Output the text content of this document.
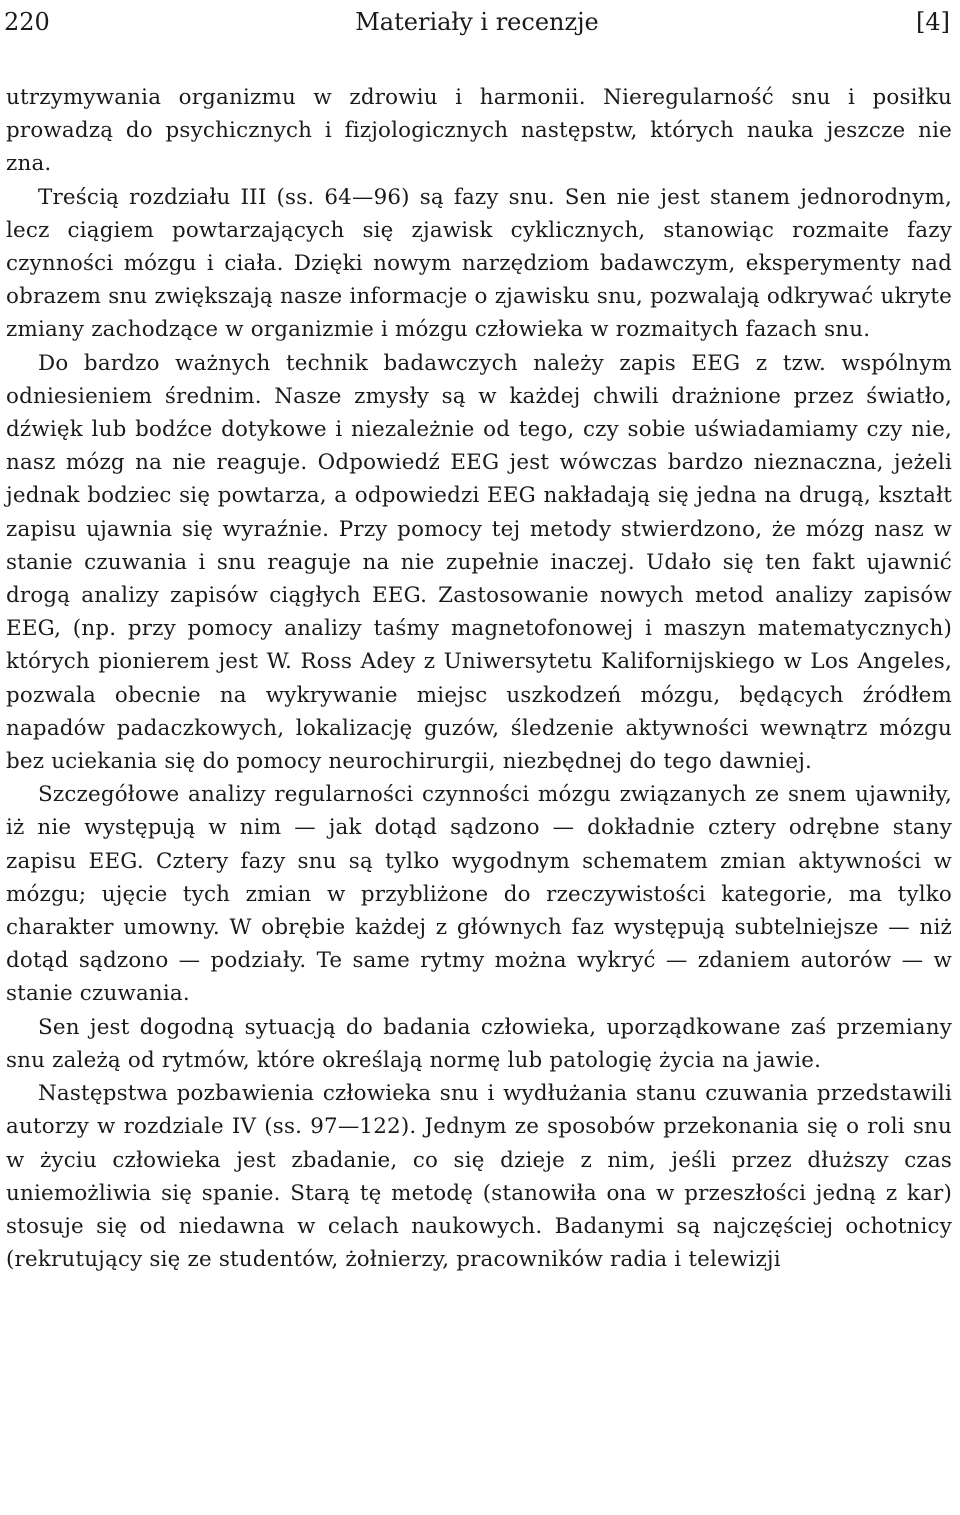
220	Materiały i recenzje	[4]

utrzymywania organizmu w zdrowiu i harmonii. Nieregularność snu i posiłku prowadzą do psychicznych i fizjologicznych następstw, których nauka jeszcze nie zna.

Treścią rozdziału III (ss. 64—96) są fazy snu. Sen nie jest stanem jednorodnym, lecz ciągiem powtarzających się zjawisk cyklicznych, stanowiąc rozmaite fazy czynności mózgu i ciała. Dzięki nowym narzędziom badawczym, eksperymenty nad obrazem snu zwiększają nasze informacje o zjawisku snu, pozwalają odkrywać ukryte zmiany zachodzące w organizmie i mózgu człowieka w rozmaitych fazach snu.

Do bardzo ważnych technik badawczych należy zapis EEG z tzw. wspólnym odniesieniem średnim. Nasze zmysły są w każdej chwili drażnione przez światło, dźwięk lub bodźce dotykowe i niezależnie od tego, czy sobie uświadamiamy czy nie, nasz mózg na nie reaguje. Odpowiedź EEG jest wówczas bardzo nieznaczna, jeżeli jednak bodziec się powtarza, a odpowiedzi EEG nakładają się jedna na drugą, kształt zapisu ujawnia się wyraźnie. Przy pomocy tej metody stwierdzono, że mózg nasz w stanie czuwania i snu reaguje na nie zupełnie inaczej. Udało się ten fakt ujawnić drogą analizy zapisów ciągłych EEG. Zastosowanie nowych metod analizy zapisów EEG, (np. przy pomocy analizy taśmy magnetofonowej i maszyn matematycznych) których pionierem jest W. Ross Adey z Uniwersytetu Kalifornijskiego w Los Angeles, pozwala obecnie na wykrywanie miejsc uszkodzeń mózgu, będących źródłem napadów padaczkowych, lokalizację guzów, śledzenie aktywności wewnątrz mózgu bez uciekania się do pomocy neurochirurgii, niezbędnej do tego dawniej.

Szczegółowe analizy regularności czynności mózgu związanych ze snem ujawniły, iż nie występują w nim — jak dotąd sądzono — dokładnie cztery odrębne stany zapisu EEG. Cztery fazy snu są tylko wygodnym schematem zmian aktywności w mózgu; ujęcie tych zmian w przybliżone do rzeczywistości kategorie, ma tylko charakter umowny. W obrębie każdej z głównych faz występują subtelniejsze — niż dotąd sądzono — podziały. Te same rytmy można wykryć — zdaniem autorów — w stanie czuwania.

Sen jest dogodną sytuacją do badania człowieka, uporządkowane zaś przemiany snu zależą od rytmów, które określają normę lub patologię życia na jawie.

Następstwa pozbawienia człowieka snu i wydłużania stanu czuwania przedstawili autorzy w rozdziale IV (ss. 97—122). Jednym ze sposobów przekonania się o roli snu w życiu człowieka jest zbadanie, co się dzieje z nim, jeśli przez dłuższy czas uniemożliwia się spanie. Starą tę metodę (stanowiła ona w przeszłości jedną z kar) stosuje się od niedawna w celach naukowych. Badanymi są najczęściej ochotnicy (rekrutujący się ze studentów, żołnierzy, pracowników radia i telewizji
